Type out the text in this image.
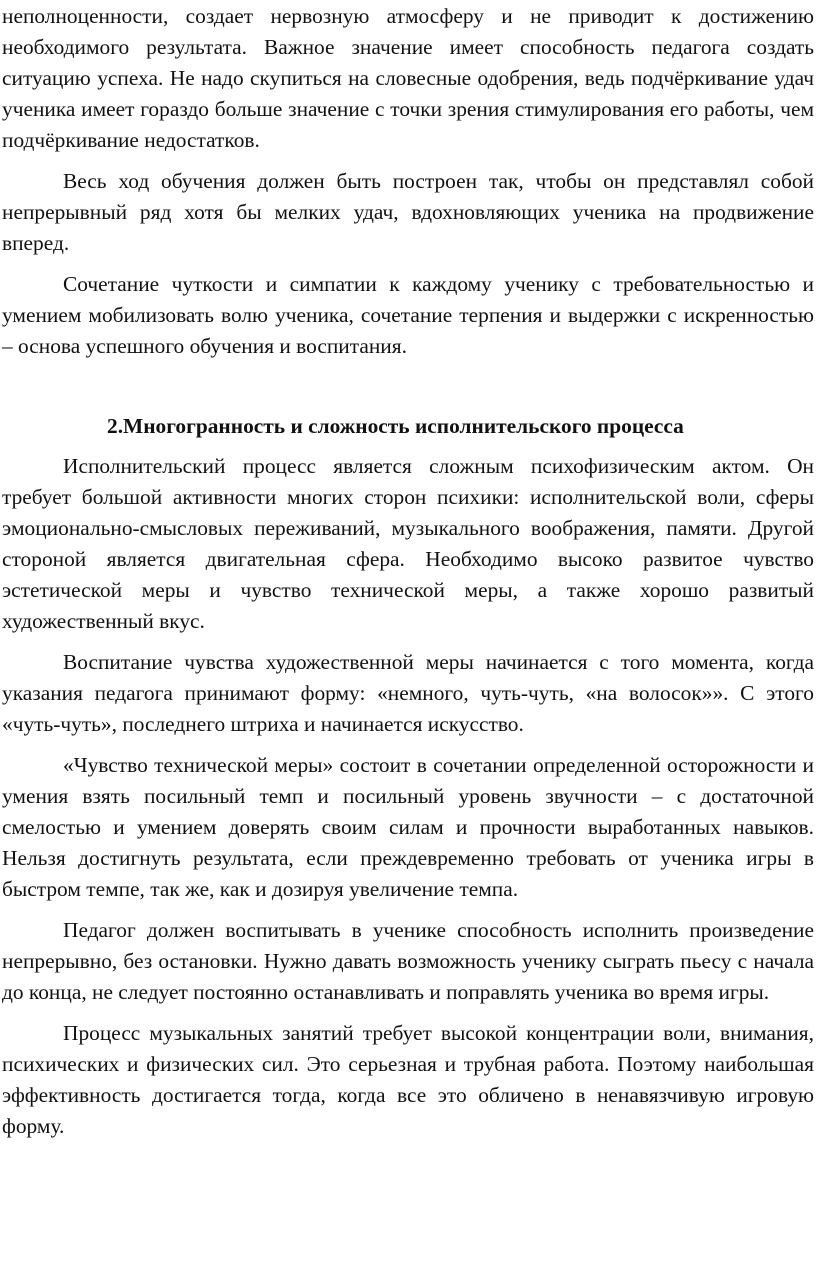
неполноценности, создает нервозную атмосферу и не приводит к достижению необходимого результата. Важное значение имеет способность педагога создать ситуацию успеха. Не надо скупиться на словесные одобрения, ведь подчёркивание удач ученика имеет гораздо больше значение с точки зрения стимулирования его работы, чем подчёркивание недостатков.

Весь ход обучения должен быть построен так, чтобы он представлял собой непрерывный ряд хотя бы мелких удач, вдохновляющих ученика на продвижение вперед.

Сочетание чуткости и симпатии к каждому ученику с требовательностью и умением мобилизовать волю ученика, сочетание терпения и выдержки с искренностью – основа успешного обучения и воспитания.

2.Многогранность и сложность исполнительского процесса

Исполнительский процесс является сложным психофизическим актом. Он требует большой активности многих сторон психики: исполнительской воли, сферы эмоционально-смысловых переживаний, музыкального воображения, памяти. Другой стороной является двигательная сфера. Необходимо высоко развитое чувство эстетической меры и чувство технической меры, а также хорошо развитый художественный вкус.

Воспитание чувства художественной меры начинается с того момента, когда указания педагога принимают форму: «немного, чуть-чуть, «на волосок»». С этого «чуть-чуть», последнего штриха и начинается искусство.

«Чувство технической меры» состоит в сочетании определенной осторожности и умения взять посильный темп и посильный уровень звучности – с достаточной смелостью и умением доверять своим силам и прочности выработанных навыков. Нельзя достигнуть результата, если преждевременно требовать от ученика игры в быстром темпе, так же, как и дозируя увеличение темпа.

Педагог должен воспитывать в ученике способность исполнить произведение непрерывно, без остановки. Нужно давать возможность ученику сыграть пьесу с начала до конца, не следует постоянно останавливать и поправлять ученика во время игры.

Процесс музыкальных занятий требует высокой концентрации воли, внимания, психических и физических сил. Это серьезная и трубная работа. Поэтому наибольшая эффективность достигается тогда, когда все это обличено в ненавязчивую игровую форму.
